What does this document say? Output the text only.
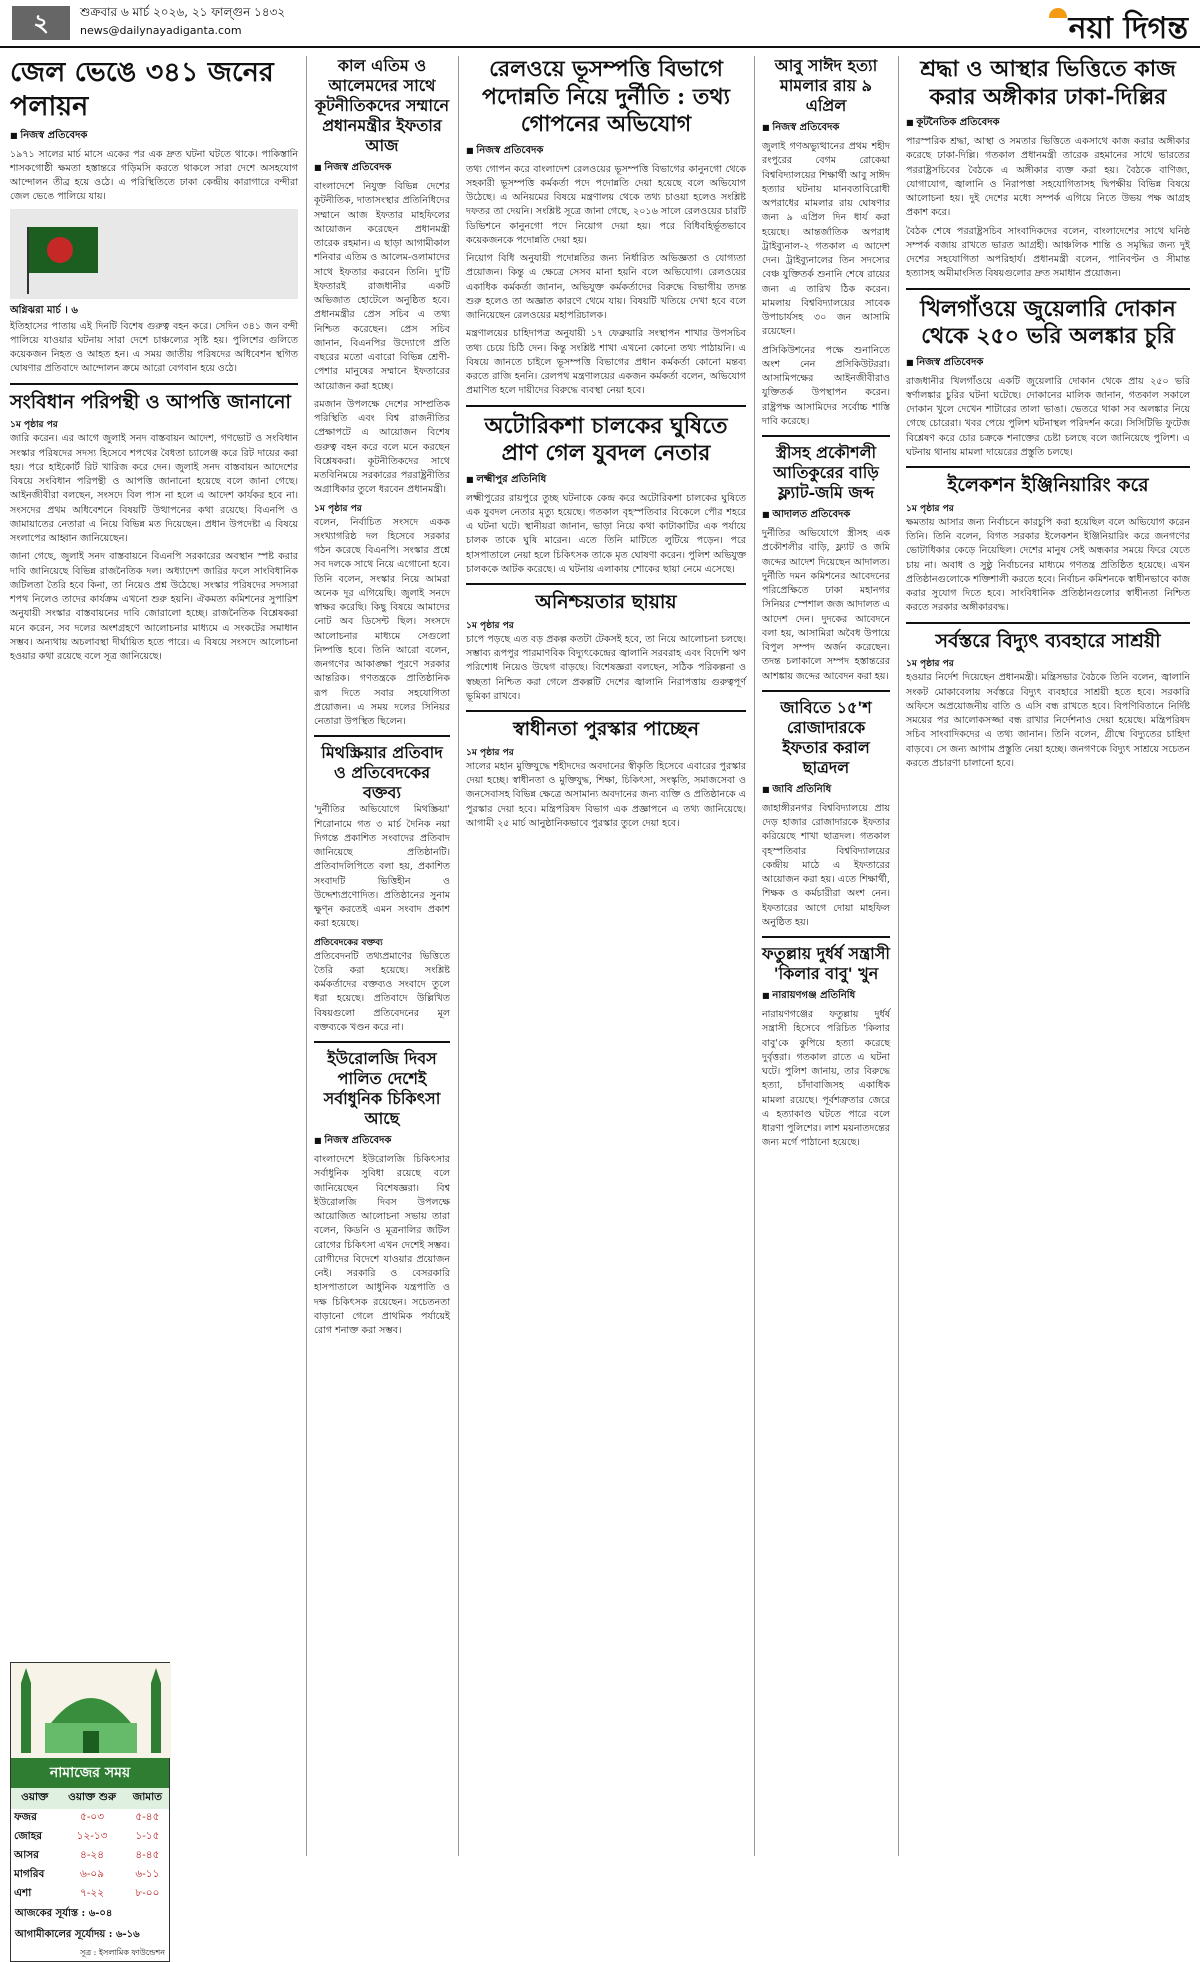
২	শুক্রবার ৬ মার্চ ২০২৬, ২১ ফাল্গুন ১৪৩২
news@dailynayadiganta.com	নয়া দিগন্ত
জেল ভেঙে ৩৪১ জনের পলায়ন
■ নিজস্ব প্রতিবেদক
১৯৭১ সালের মার্চ মাসে একের পর এক দ্রুত ঘটনা ঘটতে থাকে। পাকিস্তানি শাসকগোষ্ঠী ক্ষমতা হস্তান্তরে গড়িমসি করতে থাকলে সারা দেশে অসহযোগ আন্দোলন তীব্র হয়ে ওঠে। এ পরিস্থিতিতে ঢাকা কেন্দ্রীয় কারাগারে বন্দীরা জেল ভেঙে পালিয়ে যায়।
অগ্নিঝরা মার্চ । ৬
ইতিহাসের পাতায় এই দিনটি বিশেষ গুরুত্ব বহন করে। সেদিন ৩৪১ জন বন্দী পালিয়ে যাওয়ার ঘটনায় সারা দেশে চাঞ্চল্যের সৃষ্টি হয়। পুলিশের গুলিতে কয়েকজন নিহত ও আহত হন। এ সময় জাতীয় পরিষদের অধিবেশন স্থগিত ঘোষণার প্রতিবাদে আন্দোলন ক্রমে আরো বেগবান হয়ে ওঠে।
সংবিধান পরিপন্থী ও আপত্তি জানানো
১ম পৃষ্ঠার পর
জারি করেন। এর আগে জুলাই সনদ বাস্তবায়ন আদেশ, গণভোট ও সংবিধান সংস্কার পরিষদের সদস্য হিসেবে শপথের বৈধতা চ্যালেঞ্জ করে রিট দায়ের করা হয়। পরে হাইকোর্ট রিট খারিজ করে দেন। জুলাই সনদ বাস্তবায়ন আদেশের বিষয়ে সংবিধান পরিপন্থী ও আপত্তি জানানো হয়েছে বলে জানা গেছে। আইনজীবীরা বলছেন, সংসদে বিল পাস না হলে এ আদেশ কার্যকর হবে না। সংসদের প্রথম অধিবেশনে বিষয়টি উত্থাপনের কথা রয়েছে। বিএনপি ও জামায়াতের নেতারা এ নিয়ে বিভিন্ন মত দিয়েছেন। প্রধান উপদেষ্টা এ বিষয়ে সংলাপের আহ্বান জানিয়েছেন।
জানা গেছে, জুলাই সনদ বাস্তবায়নে বিএনপি সরকারের অবস্থান স্পষ্ট করার দাবি জানিয়েছে বিভিন্ন রাজনৈতিক দল। অধ্যাদেশ জারির ফলে সাংবিধানিক জটিলতা তৈরি হবে কিনা, তা নিয়েও প্রশ্ন উঠেছে। সংস্কার পরিষদের সদস্যরা শপথ নিলেও তাদের কার্যক্রম এখনো শুরু হয়নি। ঐকমত্য কমিশনের সুপারিশ অনুযায়ী সংস্কার বাস্তবায়নের দাবি জোরালো হচ্ছে। রাজনৈতিক বিশ্লেষকরা মনে করেন, সব দলের অংশগ্রহণে আলোচনার মাধ্যমে এ সংকটের সমাধান সম্ভব। অন্যথায় অচলাবস্থা দীর্ঘায়িত হতে পারে। এ বিষয়ে সংসদে আলোচনা হওয়ার কথা রয়েছে বলে সূত্র জানিয়েছে।
নামাজের সময়
ওয়াক্ত	ওয়াক্ত শুরু	জামাত
ফজর	৫-০৩	৫-৪৫
জোহর	১২-১৩	১-১৫
আসর	৪-২৪	৪-৪৫
মাগরিব	৬-০৯	৬-১১
এশা	৭-২২	৮-০০
আজকের সূর্যাস্ত : ৬-০৪
আগামীকালের সূর্যোদয় : ৬-১৬
সূত্র : ইসলামিক ফাউন্ডেশন
কাল এতিম ও আলেমদের সাথে কূটনীতিকদের সম্মানে প্রধানমন্ত্রীর ইফতার আজ
■ নিজস্ব প্রতিবেদক
বাংলাদেশে নিযুক্ত বিভিন্ন দেশের কূটনীতিক, দাতাসংস্থার প্রতিনিধিদের সম্মানে আজ ইফতার মাহফিলের আয়োজন করেছেন প্রধানমন্ত্রী তারেক রহমান। এ ছাড়া আগামীকাল শনিবার এতিম ও আলেম-ওলামাদের সাথে ইফতার করবেন তিনি। দু'টি ইফতারই রাজধানীর একটি অভিজাত হোটেলে অনুষ্ঠিত হবে। প্রধানমন্ত্রীর প্রেস সচিব এ তথ্য নিশ্চিত করেছেন। প্রেস সচিব জানান, বিএনপির উদ্যোগে প্রতি বছরের মতো এবারো বিভিন্ন শ্রেণী-পেশার মানুষের সম্মানে ইফতারের আয়োজন করা হচ্ছে।
রমজান উপলক্ষে দেশের সাম্প্রতিক পরিস্থিতি এবং বিশ্ব রাজনীতির প্রেক্ষাপটে এ আয়োজন বিশেষ গুরুত্ব বহন করে বলে মনে করছেন বিশ্লেষকরা। কূটনীতিকদের সাথে মতবিনিময়ে সরকারের পররাষ্ট্রনীতির অগ্রাধিকার তুলে ধরবেন প্রধানমন্ত্রী।
১ম পৃষ্ঠার পর
বলেন, নির্বাচিত সংসদে একক সংখ্যাগরিষ্ঠ দল হিসেবে সরকার গঠন করেছে বিএনপি। সংস্কার প্রশ্নে সব দলকে সাথে নিয়ে এগোনো হবে। তিনি বলেন, সংস্কার নিয়ে আমরা অনেক দূর এগিয়েছি। জুলাই সনদে স্বাক্ষর করেছি। কিছু বিষয়ে আমাদের নোট অব ডিসেন্ট ছিল। সংসদে আলোচনার মাধ্যমে সেগুলো নিষ্পত্তি হবে। তিনি আরো বলেন, জনগণের আকাঙ্ক্ষা পূরণে সরকার আন্তরিক। গণতন্ত্রকে প্রাতিষ্ঠানিক রূপ দিতে সবার সহযোগিতা প্রয়োজন। এ সময় দলের সিনিয়র নেতারা উপস্থিত ছিলেন।
মিথস্ক্রিয়ার প্রতিবাদ ও প্রতিবেদকের বক্তব্য
'দুর্নীতির অভিযোগে মিথস্ক্রিয়া' শিরোনামে গত ৩ মার্চ দৈনিক নয়া দিগন্তে প্রকাশিত সংবাদের প্রতিবাদ জানিয়েছে প্রতিষ্ঠানটি। প্রতিবাদলিপিতে বলা হয়, প্রকাশিত সংবাদটি ভিত্তিহীন ও উদ্দেশ্যপ্রণোদিত। প্রতিষ্ঠানের সুনাম ক্ষুণ্ন করতেই এমন সংবাদ প্রকাশ করা হয়েছে।
প্রতিবেদকের বক্তব্য
প্রতিবেদনটি তথ্যপ্রমাণের ভিত্তিতে তৈরি করা হয়েছে। সংশ্লিষ্ট কর্মকর্তাদের বক্তব্যও সংবাদে তুলে ধরা হয়েছে। প্রতিবাদে উল্লিখিত বিষয়গুলো প্রতিবেদনের মূল বক্তব্যকে খণ্ডন করে না।
ইউরোলজি দিবস পালিত দেশেই সর্বাধুনিক চিকিৎসা আছে
■ নিজস্ব প্রতিবেদক
বাংলাদেশে ইউরোলজি চিকিৎসার সর্বাধুনিক সুবিধা রয়েছে বলে জানিয়েছেন বিশেষজ্ঞরা। বিশ্ব ইউরোলজি দিবস উপলক্ষে আয়োজিত আলোচনা সভায় তারা বলেন, কিডনি ও মূত্রনালির জটিল রোগের চিকিৎসা এখন দেশেই সম্ভব। রোগীদের বিদেশে যাওয়ার প্রয়োজন নেই। সরকারি ও বেসরকারি হাসপাতালে আধুনিক যন্ত্রপাতি ও দক্ষ চিকিৎসক রয়েছেন। সচেতনতা বাড়ানো গেলে প্রাথমিক পর্যায়েই রোগ শনাক্ত করা সম্ভব।
রেলওয়ে ভূসম্পত্তি বিভাগে পদোন্নতি নিয়ে দুর্নীতি : তথ্য গোপনের অভিযোগ
■ নিজস্ব প্রতিবেদক
তথ্য গোপন করে বাংলাদেশ রেলওয়ের ভূসম্পত্তি বিভাগের কানুনগো থেকে সহকারী ভূসম্পত্তি কর্মকর্তা পদে পদোন্নতি দেয়া হয়েছে বলে অভিযোগ উঠেছে। এ অনিয়মের বিষয়ে মন্ত্রণালয় থেকে তথ্য চাওয়া হলেও সংশ্লিষ্ট দফতর তা দেয়নি। সংশ্লিষ্ট সূত্রে জানা গেছে, ২০১৬ সালে রেলওয়ের চারটি ডিভিশনে কানুনগো পদে নিয়োগ দেয়া হয়। পরে বিধিবহির্ভূতভাবে কয়েকজনকে পদোন্নতি দেয়া হয়।
নিয়োগ বিধি অনুযায়ী পদোন্নতির জন্য নির্ধারিত অভিজ্ঞতা ও যোগ্যতা প্রয়োজন। কিন্তু এ ক্ষেত্রে সেসব মানা হয়নি বলে অভিযোগ। রেলওয়ের একাধিক কর্মকর্তা জানান, অভিযুক্ত কর্মকর্তাদের বিরুদ্ধে বিভাগীয় তদন্ত শুরু হলেও তা অজ্ঞাত কারণে থেমে যায়। বিষয়টি খতিয়ে দেখা হবে বলে জানিয়েছেন রেলওয়ের মহাপরিচালক।
মন্ত্রণালয়ের চাহিদাপত্র অনুযায়ী ১৭ ফেব্রুয়ারি সংস্থাপন শাখার উপসচিব তথ্য চেয়ে চিঠি দেন। কিন্তু সংশ্লিষ্ট শাখা এখনো কোনো তথ্য পাঠায়নি। এ বিষয়ে জানতে চাইলে ভূসম্পত্তি বিভাগের প্রধান কর্মকর্তা কোনো মন্তব্য করতে রাজি হননি। রেলপথ মন্ত্রণালয়ের একজন কর্মকর্তা বলেন, অভিযোগ প্রমাণিত হলে দায়ীদের বিরুদ্ধে ব্যবস্থা নেয়া হবে।
অটোরিকশা চালকের ঘুষিতে প্রাণ গেল যুবদল নেতার
■ লক্ষ্মীপুর প্রতিনিধি
লক্ষ্মীপুরের রায়পুরে তুচ্ছ ঘটনাকে কেন্দ্র করে অটোরিকশা চালকের ঘুষিতে এক যুবদল নেতার মৃত্যু হয়েছে। গতকাল বৃহস্পতিবার বিকেলে পৌর শহরে এ ঘটনা ঘটে। স্থানীয়রা জানান, ভাড়া নিয়ে কথা কাটাকাটির এক পর্যায়ে চালক তাকে ঘুষি মারেন। এতে তিনি মাটিতে লুটিয়ে পড়েন। পরে হাসপাতালে নেয়া হলে চিকিৎসক তাকে মৃত ঘোষণা করেন। পুলিশ অভিযুক্ত চালককে আটক করেছে। এ ঘটনায় এলাকায় শোকের ছায়া নেমে এসেছে।
অনিশ্চয়তার ছায়ায়
১ম পৃষ্ঠার পর
চাপে পড়ছে এত বড় প্রকল্প কতটা টেকসই হবে, তা নিয়ে আলোচনা চলছে। সম্ভাব্য রূপপুর পারমাণবিক বিদ্যুৎকেন্দ্রের জ্বালানি সরবরাহ এবং বিদেশি ঋণ পরিশোধ নিয়েও উদ্বেগ বাড়ছে। বিশেষজ্ঞরা বলছেন, সঠিক পরিকল্পনা ও স্বচ্ছতা নিশ্চিত করা গেলে প্রকল্পটি দেশের জ্বালানি নিরাপত্তায় গুরুত্বপূর্ণ ভূমিকা রাখবে।
স্বাধীনতা পুরস্কার পাচ্ছেন
১ম পৃষ্ঠার পর
সালের মহান মুক্তিযুদ্ধে শহীদদের অবদানের স্বীকৃতি হিসেবে এবারের পুরস্কার দেয়া হচ্ছে। স্বাধীনতা ও মুক্তিযুদ্ধ, শিক্ষা, চিকিৎসা, সংস্কৃতি, সমাজসেবা ও জনসেবাসহ বিভিন্ন ক্ষেত্রে অসামান্য অবদানের জন্য ব্যক্তি ও প্রতিষ্ঠানকে এ পুরস্কার দেয়া হবে। মন্ত্রিপরিষদ বিভাগ এক প্রজ্ঞাপনে এ তথ্য জানিয়েছে। আগামী ২৫ মার্চ আনুষ্ঠানিকভাবে পুরস্কার তুলে দেয়া হবে।
আবু সাঈদ হত্যা মামলার রায় ৯ এপ্রিল
■ নিজস্ব প্রতিবেদক
জুলাই গণঅভ্যুত্থানের প্রথম শহীদ রংপুরের বেগম রোকেয়া বিশ্ববিদ্যালয়ের শিক্ষার্থী আবু সাঈদ হত্যার ঘটনায় মানবতাবিরোধী অপরাধের মামলার রায় ঘোষণার জন্য ৯ এপ্রিল দিন ধার্য করা হয়েছে। আন্তর্জাতিক অপরাধ ট্রাইব্যুনাল-২ গতকাল এ আদেশ দেন। ট্রাইব্যুনালের তিন সদস্যের বেঞ্চ যুক্তিতর্ক শুনানি শেষে রায়ের জন্য এ তারিখ ঠিক করেন। মামলায় বিশ্ববিদ্যালয়ের সাবেক উপাচার্যসহ ৩০ জন আসামি রয়েছেন।
প্রসিকিউশনের পক্ষে শুনানিতে অংশ নেন প্রসিকিউটররা। আসামিপক্ষের আইনজীবীরাও যুক্তিতর্ক উপস্থাপন করেন। রাষ্ট্রপক্ষ আসামিদের সর্বোচ্চ শাস্তি দাবি করেছে।
স্ত্রীসহ প্রকৌশলী আতিকুরের বাড়ি ফ্ল্যাট-জমি জব্দ
■ আদালত প্রতিবেদক
দুর্নীতির অভিযোগে স্ত্রীসহ এক প্রকৌশলীর বাড়ি, ফ্ল্যাট ও জমি জব্দের আদেশ দিয়েছেন আদালত। দুর্নীতি দমন কমিশনের আবেদনের পরিপ্রেক্ষিতে ঢাকা মহানগর সিনিয়র স্পেশাল জজ আদালত এ আদেশ দেন। দুদকের আবেদনে বলা হয়, আসামিরা অবৈধ উপায়ে বিপুল সম্পদ অর্জন করেছেন। তদন্ত চলাকালে সম্পদ হস্তান্তরের আশঙ্কায় জব্দের আবেদন করা হয়।
জাবিতে ১৫'শ রোজাদারকে ইফতার করাল ছাত্রদল
■ জাবি প্রতিনিধি
জাহাঙ্গীরনগর বিশ্ববিদ্যালয়ে প্রায় দেড় হাজার রোজাদারকে ইফতার করিয়েছে শাখা ছাত্রদল। গতকাল বৃহস্পতিবার বিশ্ববিদ্যালয়ের কেন্দ্রীয় মাঠে এ ইফতারের আয়োজন করা হয়। এতে শিক্ষার্থী, শিক্ষক ও কর্মচারীরা অংশ নেন। ইফতারের আগে দোয়া মাহফিল অনুষ্ঠিত হয়।
ফতুল্লায় দুর্ধর্ষ সন্ত্রাসী 'কিলার বাবু' খুন
■ নারায়ণগঞ্জ প্রতিনিধি
নারায়ণগঞ্জের ফতুল্লায় দুর্ধর্ষ সন্ত্রাসী হিসেবে পরিচিত 'কিলার বাবু'কে কুপিয়ে হত্যা করেছে দুর্বৃত্তরা। গতকাল রাতে এ ঘটনা ঘটে। পুলিশ জানায়, তার বিরুদ্ধে হত্যা, চাঁদাবাজিসহ একাধিক মামলা রয়েছে। পূর্বশত্রুতার জেরে এ হত্যাকাণ্ড ঘটতে পারে বলে ধারণা পুলিশের। লাশ ময়নাতদন্তের জন্য মর্গে পাঠানো হয়েছে।
শ্রদ্ধা ও আস্থার ভিত্তিতে কাজ করার অঙ্গীকার ঢাকা-দিল্লির
■ কূটনৈতিক প্রতিবেদক
পারস্পরিক শ্রদ্ধা, আস্থা ও সমতার ভিত্তিতে একসাথে কাজ করার অঙ্গীকার করেছে ঢাকা-দিল্লি। গতকাল প্রধানমন্ত্রী তারেক রহমানের সাথে ভারতের পররাষ্ট্রসচিবের বৈঠকে এ অঙ্গীকার ব্যক্ত করা হয়। বৈঠকে বাণিজ্য, যোগাযোগ, জ্বালানি ও নিরাপত্তা সহযোগিতাসহ দ্বিপক্ষীয় বিভিন্ন বিষয়ে আলোচনা হয়। দুই দেশের মধ্যে সম্পর্ক এগিয়ে নিতে উভয় পক্ষ আগ্রহ প্রকাশ করে।
বৈঠক শেষে পররাষ্ট্রসচিব সাংবাদিকদের বলেন, বাংলাদেশের সাথে ঘনিষ্ঠ সম্পর্ক বজায় রাখতে ভারত আগ্রহী। আঞ্চলিক শান্তি ও সমৃদ্ধির জন্য দুই দেশের সহযোগিতা অপরিহার্য। প্রধানমন্ত্রী বলেন, পানিবণ্টন ও সীমান্ত হত্যাসহ অমীমাংসিত বিষয়গুলোর দ্রুত সমাধান প্রয়োজন।
খিলগাঁওয়ে জুয়েলারি দোকান থেকে ২৫০ ভরি অলঙ্কার চুরি
■ নিজস্ব প্রতিবেদক
রাজধানীর খিলগাঁওয়ে একটি জুয়েলারি দোকান থেকে প্রায় ২৫০ ভরি স্বর্ণালঙ্কার চুরির ঘটনা ঘটেছে। দোকানের মালিক জানান, গতকাল সকালে দোকান খুলে দেখেন শাটারের তালা ভাঙা। ভেতরে থাকা সব অলঙ্কার নিয়ে গেছে চোরেরা। খবর পেয়ে পুলিশ ঘটনাস্থল পরিদর্শন করে। সিসিটিভি ফুটেজ বিশ্লেষণ করে চোর চক্রকে শনাক্তের চেষ্টা চলছে বলে জানিয়েছে পুলিশ। এ ঘটনায় থানায় মামলা দায়েরের প্রস্তুতি চলছে।
ইলেকশন ইঞ্জিনিয়ারিং করে
১ম পৃষ্ঠার পর
ক্ষমতায় আসার জন্য নির্বাচনে কারচুপি করা হয়েছিল বলে অভিযোগ করেন তিনি। তিনি বলেন, বিগত সরকার ইলেকশন ইঞ্জিনিয়ারিং করে জনগণের ভোটাধিকার কেড়ে নিয়েছিল। দেশের মানুষ সেই অন্ধকার সময়ে ফিরে যেতে চায় না। অবাধ ও সুষ্ঠু নির্বাচনের মাধ্যমে গণতন্ত্র প্রতিষ্ঠিত হয়েছে। এখন প্রতিষ্ঠানগুলোকে শক্তিশালী করতে হবে। নির্বাচন কমিশনকে স্বাধীনভাবে কাজ করার সুযোগ দিতে হবে। সাংবিধানিক প্রতিষ্ঠানগুলোর স্বাধীনতা নিশ্চিত করতে সরকার অঙ্গীকারবদ্ধ।
সর্বস্তরে বিদ্যুৎ ব্যবহারে সাশ্রয়ী
১ম পৃষ্ঠার পর
হওয়ার নির্দেশ দিয়েছেন প্রধানমন্ত্রী। মন্ত্রিসভার বৈঠকে তিনি বলেন, জ্বালানি সংকট মোকাবেলায় সর্বস্তরে বিদ্যুৎ ব্যবহারে সাশ্রয়ী হতে হবে। সরকারি অফিসে অপ্রয়োজনীয় বাতি ও এসি বন্ধ রাখতে হবে। বিপণিবিতানে নির্দিষ্ট সময়ের পর আলোকসজ্জা বন্ধ রাখার নির্দেশনাও দেয়া হয়েছে। মন্ত্রিপরিষদ সচিব সাংবাদিকদের এ তথ্য জানান। তিনি বলেন, গ্রীষ্মে বিদ্যুতের চাহিদা বাড়বে। সে জন্য আগাম প্রস্তুতি নেয়া হচ্ছে। জনগণকে বিদ্যুৎ সাশ্রয়ে সচেতন করতে প্রচারণা চালানো হবে।
